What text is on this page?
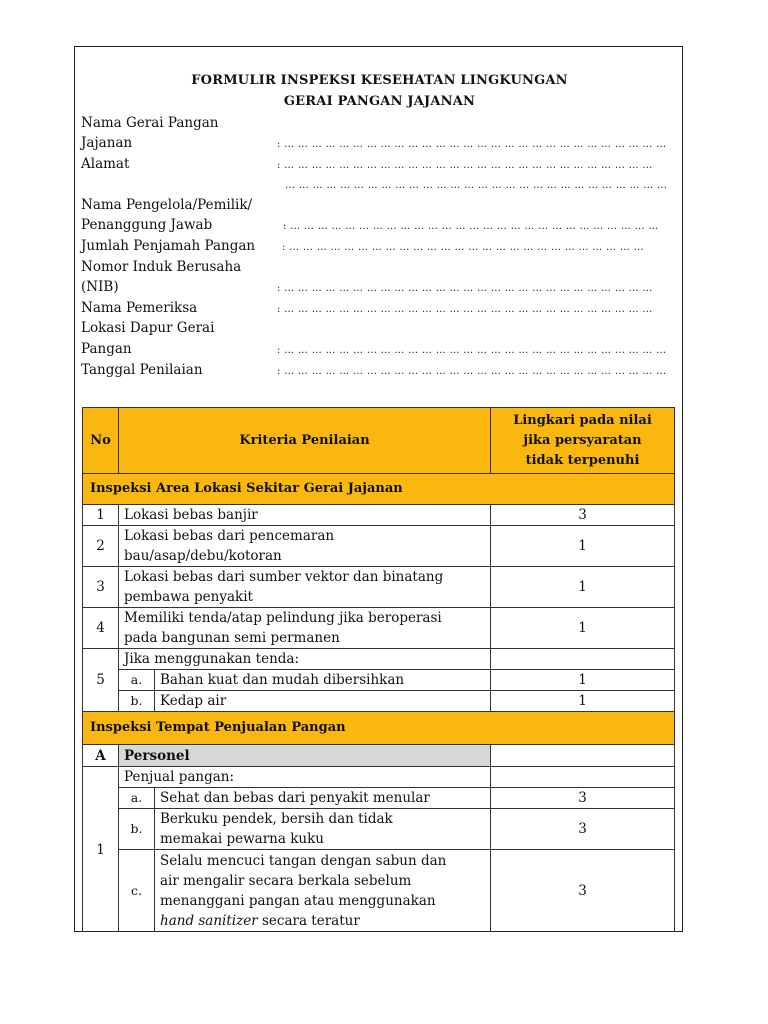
FORMULIR INSPEKSI KESEHATAN LINGKUNGAN
GERAI PANGAN JAJANAN
Nama Gerai Pangan
Jajanan	: … … … … … … … … … … … … … … … … … … … … … … … … … … … …
Alamat	: … … … … … … … … … … … … … … … … … … … … … … … … … … …
… … … … … … … … … … … … … … … … … … … … … … … … … … … …
Nama Pengelola/Pemilik/
Penanggung Jawab	: … … … … … … … … … … … … … … … … … … … … … … … … … … …
Jumlah Penjamah Pangan	: … … … … … … … … … … … … … … … … … … … … … … … … … …
Nomor Induk Berusaha
(NIB)	: … … … … … … … … … … … … … … … … … … … … … … … … … … …
Nama Pemeriksa	: … … … … … … … … … … … … … … … … … … … … … … … … … … …
Lokasi Dapur Gerai
Pangan	: … … … … … … … … … … … … … … … … … … … … … … … … … … … …
Tanggal Penilaian	: … … … … … … … … … … … … … … … … … … … … … … … … … … … …
No	Kriteria Penilaian		Lingkari pada nilai
jika persyaratan
tidak terpenuhi

Inspeksi Area Lokasi Sekitar Gerai Jajanan			
1	Lokasi bebas banjir		3
2	Lokasi bebas dari pencemaran
bau/asap/debu/kotoran		1
3	Lokasi bebas dari sumber vektor dan binatang
pembawa penyakit		1
4	Memiliki tenda/atap pelindung jika beroperasi
pada bangunan semi permanen		1
5	Jika menggunakan tenda:		
	a.	Bahan kuat dan mudah dibersihkan	1
	b.	Kedap air	1
Inspeksi Tempat Penjualan Pangan			
A	Personel		
1	Penjual pangan:		
	a.	Sehat dan bebas dari penyakit menular	3
	b.	Berkuku pendek, bersih dan tidak
memakai pewarna kuku	3
	c.	Selalu mencuci tangan dengan sabun dan
air mengalir secara berkala sebelum
menanggani pangan atau menggunakan
hand sanitizer secara teratur	3
